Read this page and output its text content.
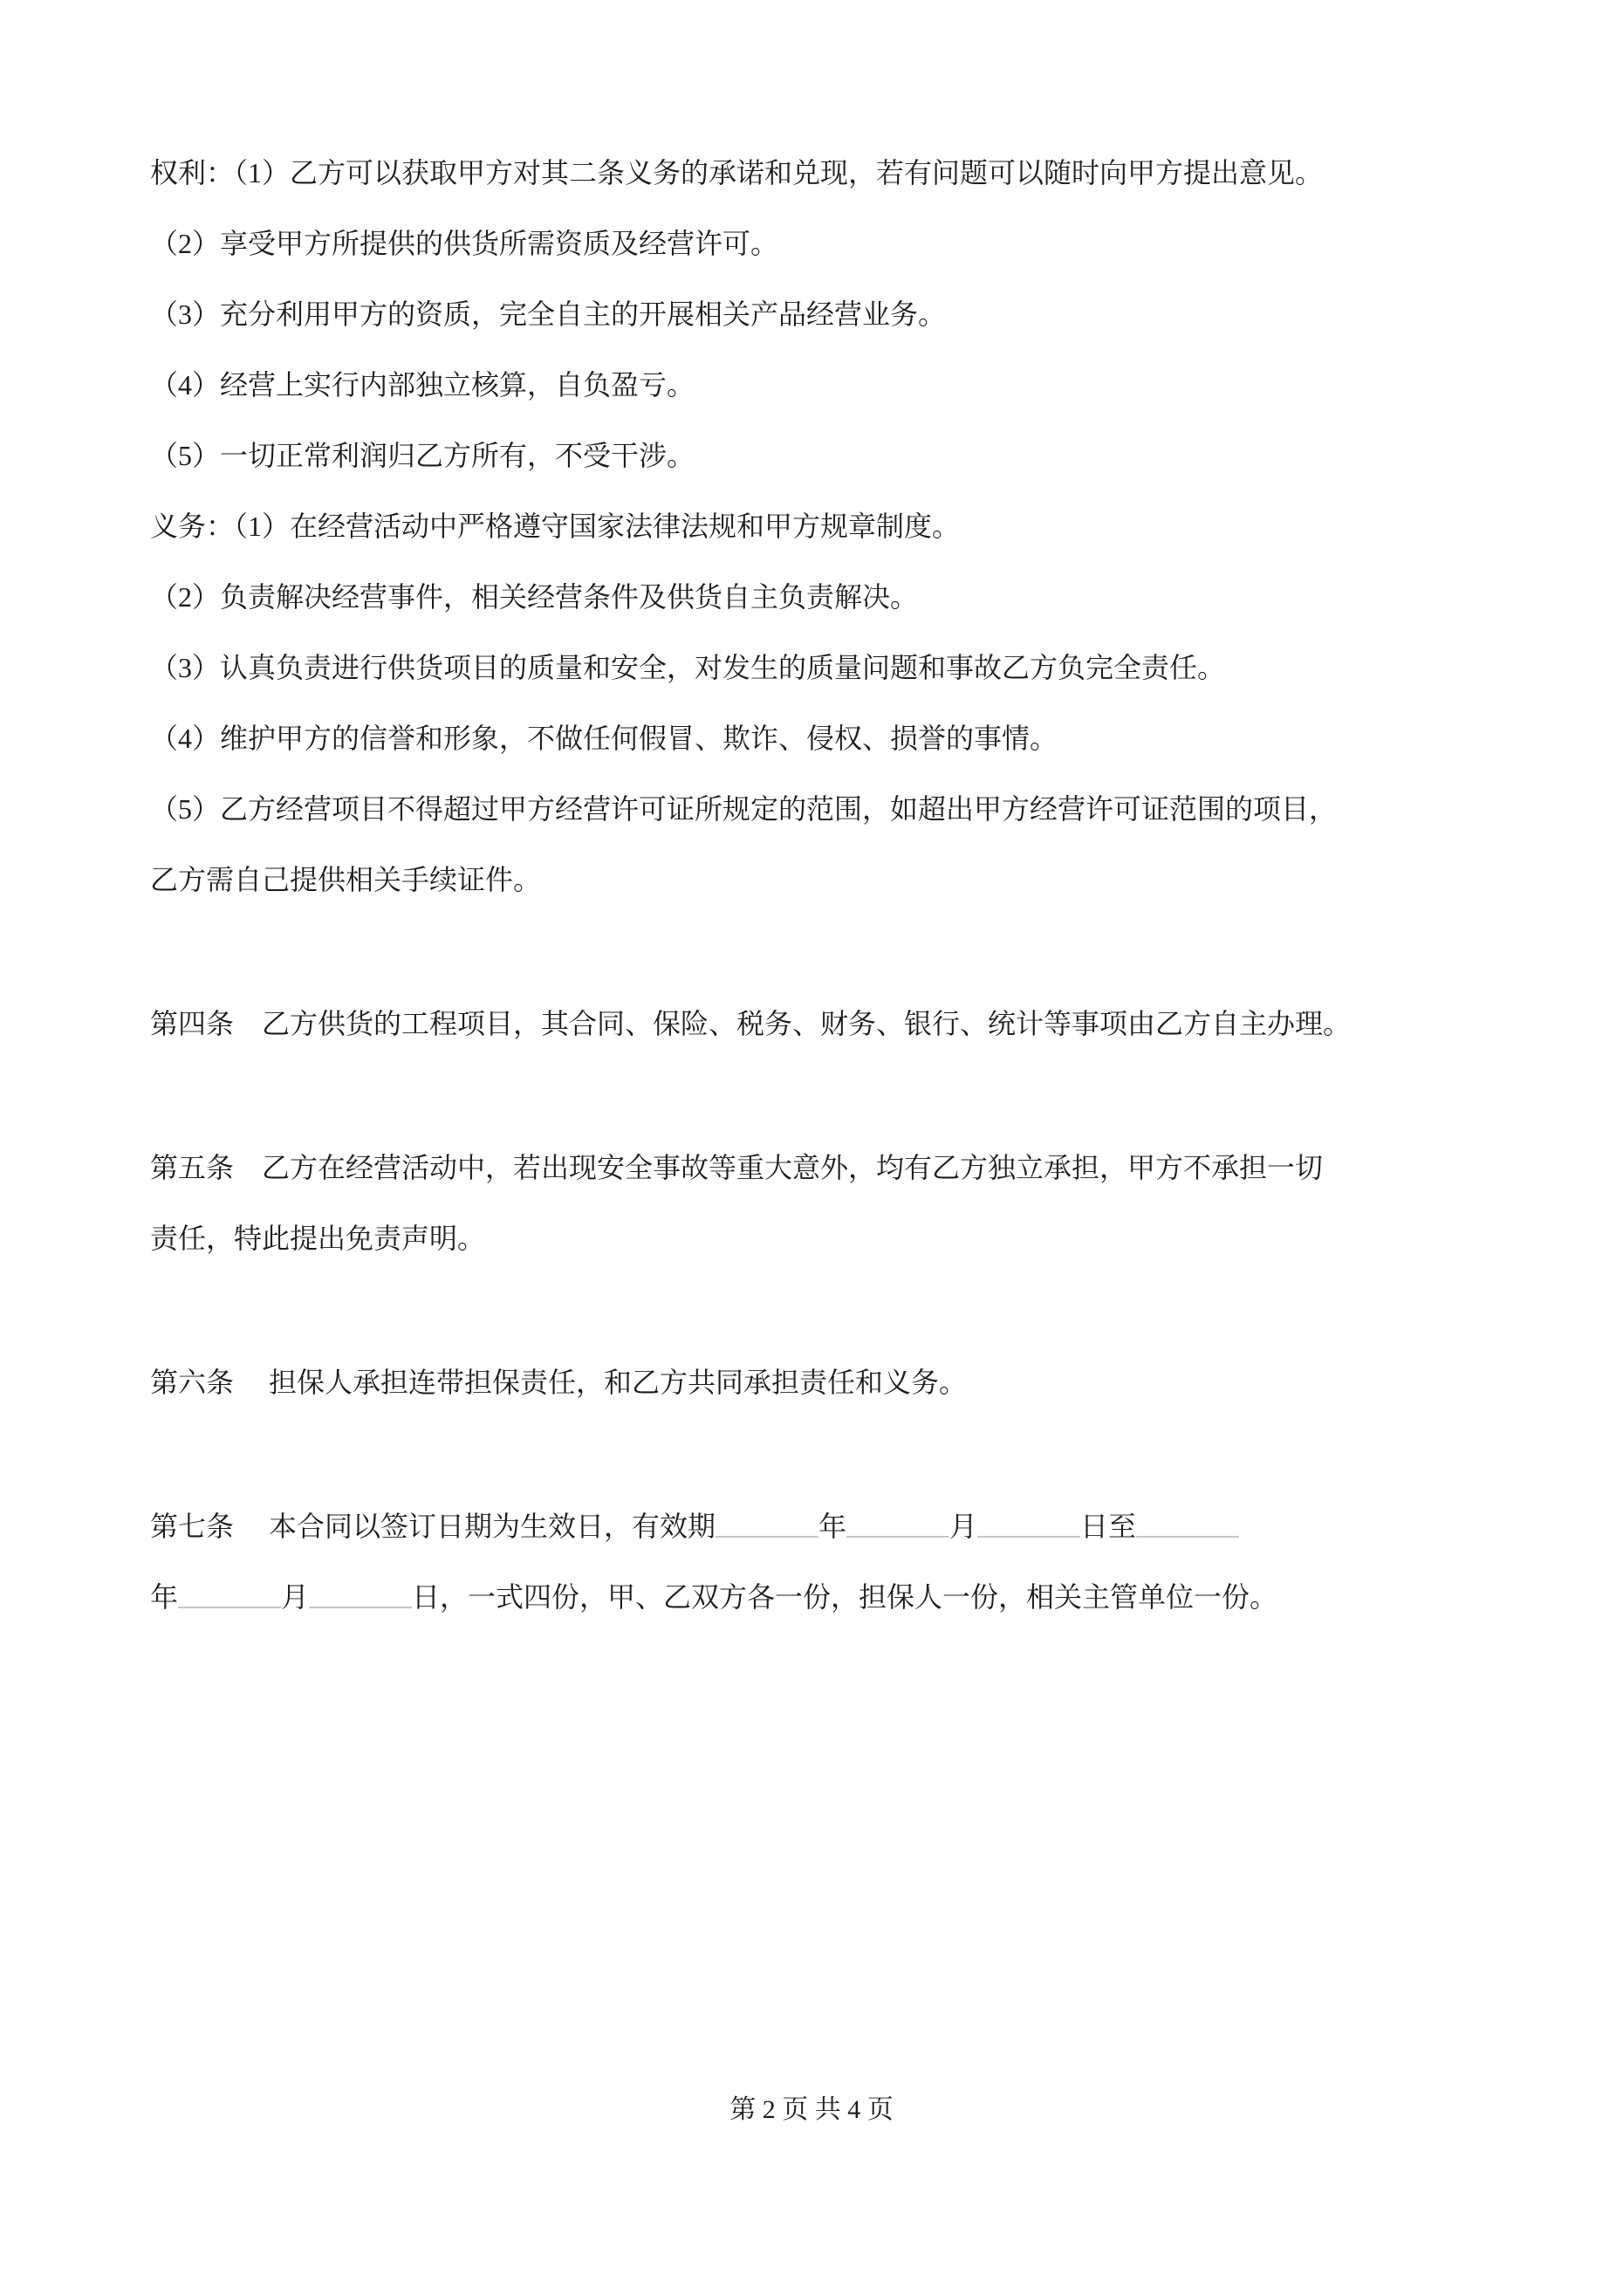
权利：（1）乙方可以获取甲方对其二条义务的承诺和兑现，若有问题可以随时向甲方提出意见。

（2）享受甲方所提供的供货所需资质及经营许可。

（3）充分利用甲方的资质，完全自主的开展相关产品经营业务。

（4）经营上实行内部独立核算，自负盈亏。

（5）一切正常利润归乙方所有，不受干涉。

义务：（1）在经营活动中严格遵守国家法律法规和甲方规章制度。

（2）负责解决经营事件，相关经营条件及供货自主负责解决。

（3）认真负责进行供货项目的质量和安全，对发生的质量问题和事故乙方负完全责任。

（4）维护甲方的信誉和形象，不做任何假冒、欺诈、侵权、损誉的事情。

（5）乙方经营项目不得超过甲方经营许可证所规定的范围，如超出甲方经营许可证范围的项目，

乙方需自己提供相关手续证件。

第四条　乙方供货的工程项目，其合同、保险、税务、财务、银行、统计等事项由乙方自主办理。

第五条　乙方在经营活动中，若出现安全事故等重大意外，均有乙方独立承担，甲方不承担一切

责任，特此提出免责声明。

第六条　 担保人承担连带担保责任，和乙方共同承担责任和义务。

第七条　 本合同以签订日期为生效日，有效期	年	月	日至

年	月	日，一式四份，甲、乙双方各一份，担保人一份，相关主管单位一份。

第 2 页 共 4 页
